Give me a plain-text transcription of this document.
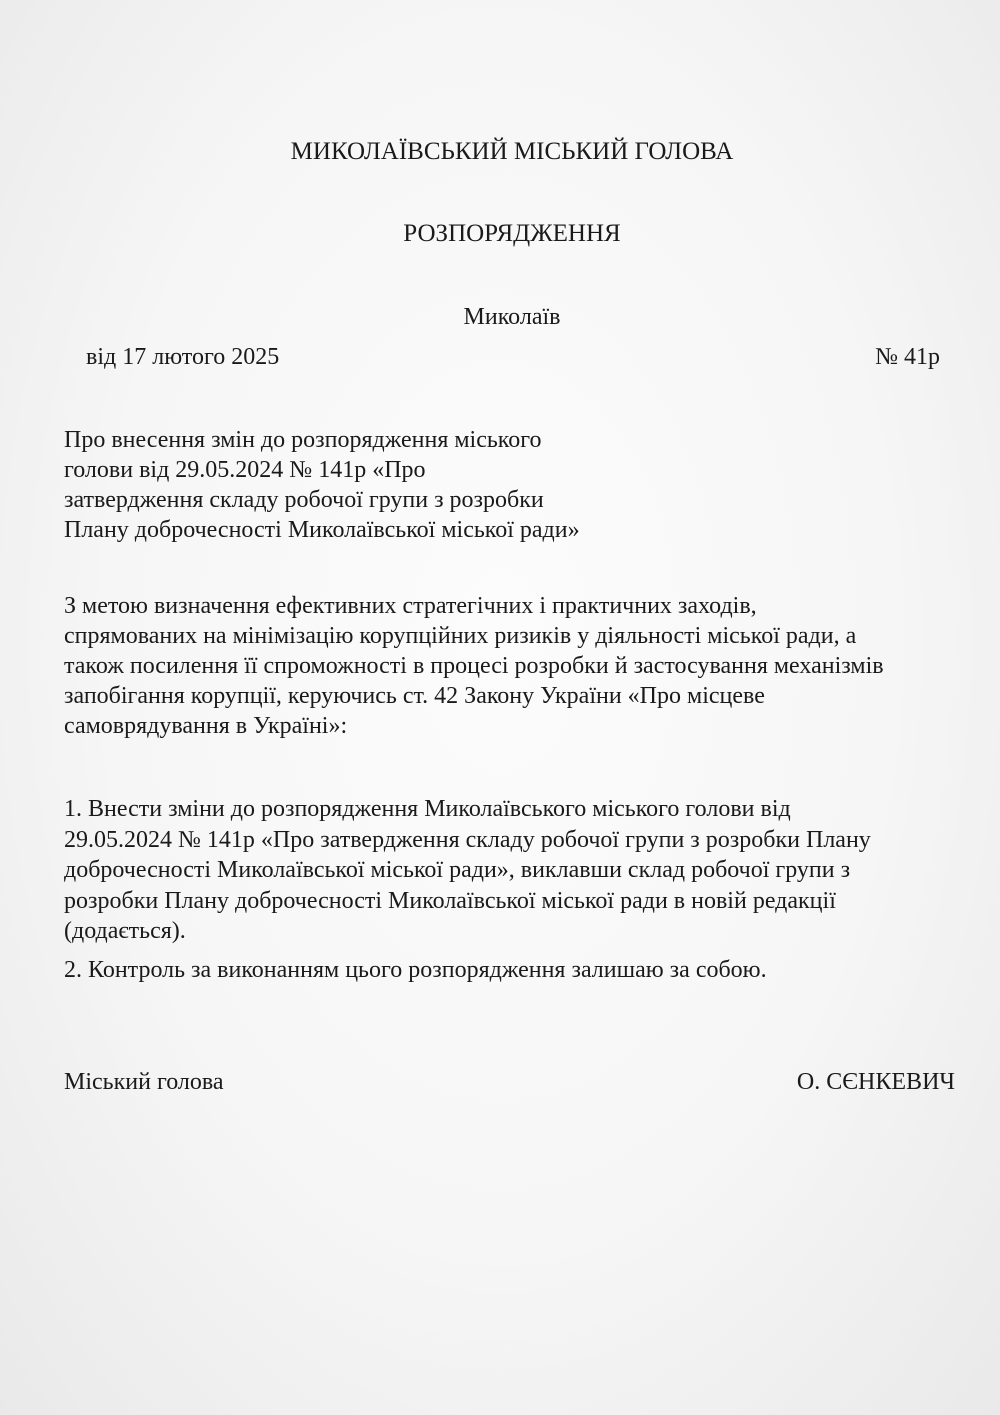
МИКОЛАЇВСЬКИЙ МІСЬКИЙ ГОЛОВА

РОЗПОРЯДЖЕННЯ

Миколаїв

від 17 лютого 2025	№ 41р

Про внесення змін до розпорядження міського
голови від 29.05.2024 № 141р «Про
затвердження складу робочої групи з розробки
Плану доброчесності Миколаївської міської ради»
З метою визначення ефективних стратегічних і практичних заходів,
спрямованих на мінімізацію корупційних ризиків у діяльності міської ради, а
також посилення її спроможності в процесі розробки й застосування механізмів
запобігання корупції, керуючись ст. 42 Закону України «Про місцеве
самоврядування в Україні»:
1. Внести зміни до розпорядження Миколаївського міського голови від
29.05.2024 № 141р «Про затвердження складу робочої групи з розробки Плану
доброчесності Миколаївської міської ради», виклавши склад робочої групи з
розробки Плану доброчесності Миколаївської міської ради в новій редакції
(додається).

2. Контроль за виконанням цього розпорядження залишаю за собою.

Міський голова	О. СЄНКЕВИЧ
